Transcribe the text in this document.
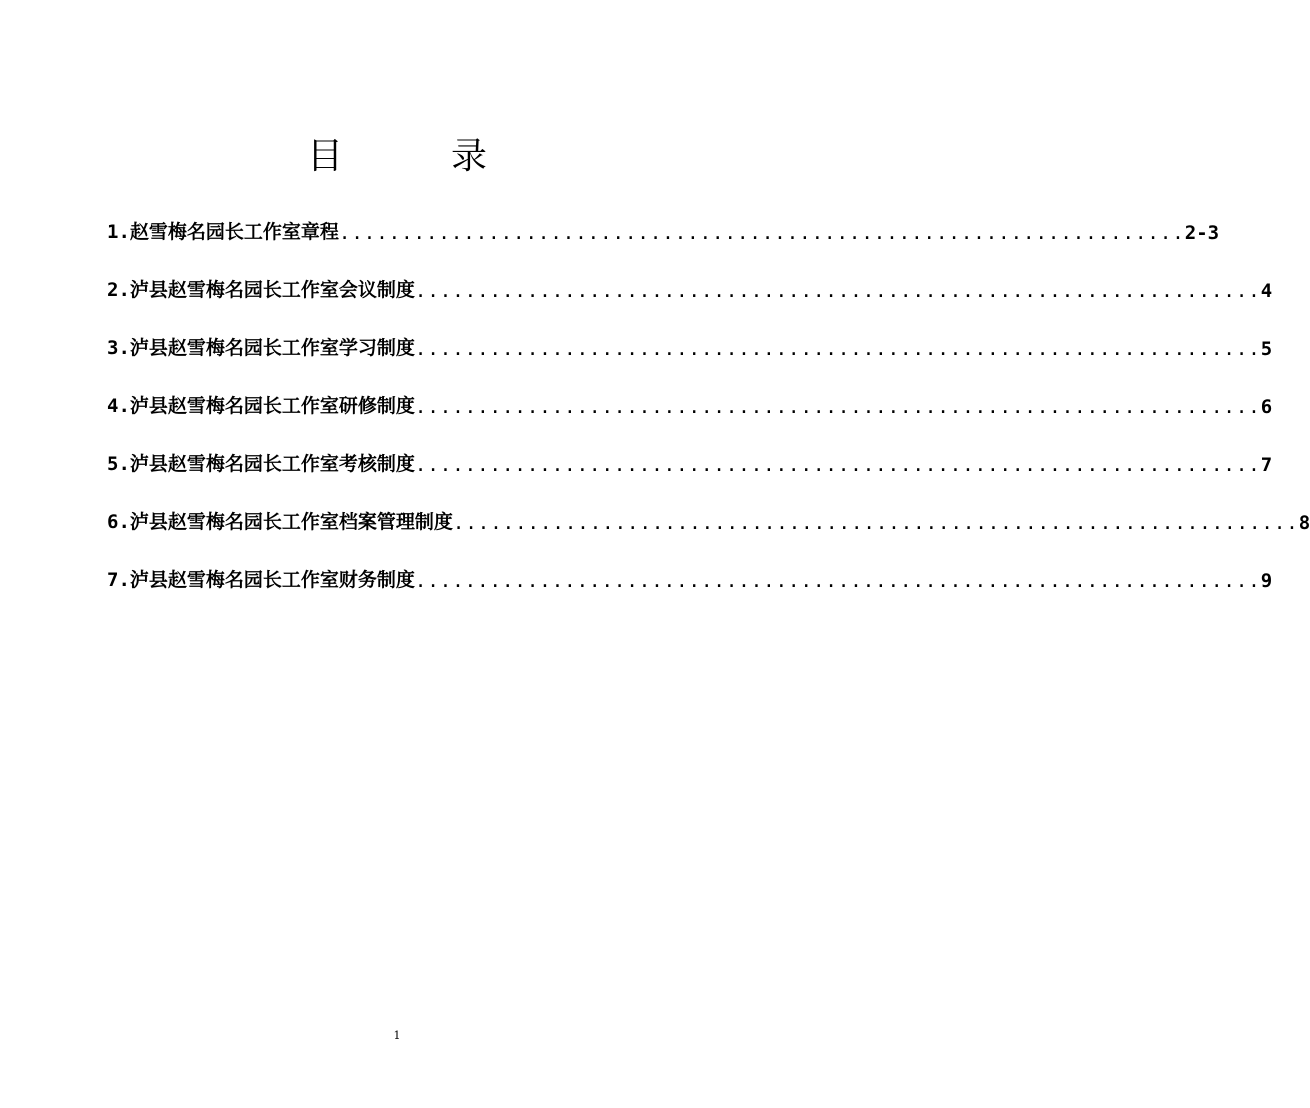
目　录
1.赵雪梅名园长工作室章程 .................................................................... 2-3
2.泸县赵雪梅名园长工作室会议制度 .................................................................... 4
3.泸县赵雪梅名园长工作室学习制度 .................................................................... 5
4.泸县赵雪梅名园长工作室研修制度 .................................................................... 6
5.泸县赵雪梅名园长工作室考核制度 .................................................................... 7
6.泸县赵雪梅名园长工作室档案管理制度 .................................................................... 8
7.泸县赵雪梅名园长工作室财务制度 .................................................................... 9
1
